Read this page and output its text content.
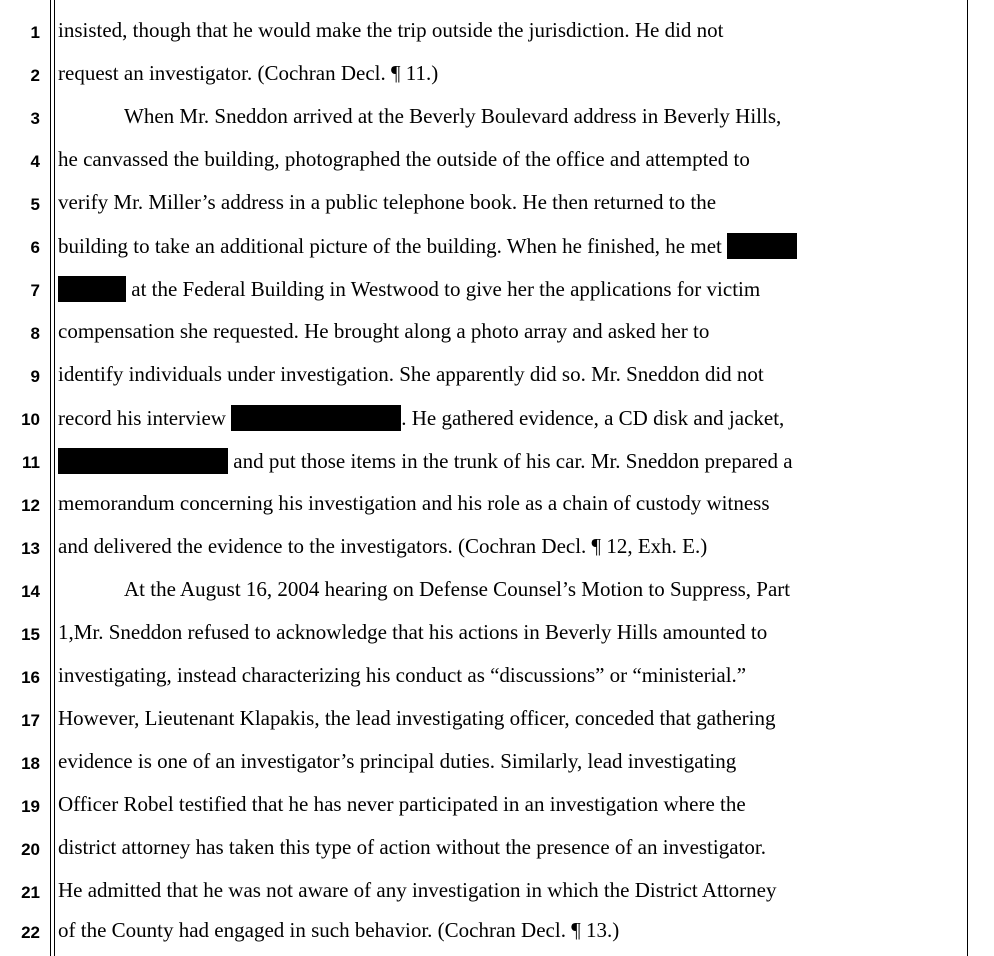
1 insisted, though that he would make the trip outside the jurisdiction. He did not
2 request an investigator. (Cochran Decl. ¶ 11.)
3	When Mr. Sneddon arrived at the Beverly Boulevard address in Beverly Hills,
4 he canvassed the building, photographed the outside of the office and attempted to
5 verify Mr. Miller’s address in a public telephone book. He then returned to the
6 building to take an additional picture of the building. When he finished, he met
7	at the Federal Building in Westwood to give her the applications for victim
8 compensation she requested. He brought along a photo array and asked her to
9 identify individuals under investigation. She apparently did so. Mr. Sneddon did not
10 record his interview	. He gathered evidence, a CD disk and jacket,
11	and put those items in the trunk of his car. Mr. Sneddon prepared a
12 memorandum concerning his investigation and his role as a chain of custody witness
13 and delivered the evidence to the investigators. (Cochran Decl. ¶ 12, Exh. E.)
14	At the August 16, 2004 hearing on Defense Counsel’s Motion to Suppress, Part
15 1,Mr. Sneddon refused to acknowledge that his actions in Beverly Hills amounted to
16 investigating, instead characterizing his conduct as “discussions” or “ministerial.”
17 However, Lieutenant Klapakis, the lead investigating officer, conceded that gathering
18 evidence is one of an investigator’s principal duties. Similarly, lead investigating
19 Officer Robel testified that he has never participated in an investigation where the
20 district attorney has taken this type of action without the presence of an investigator.
21 He admitted that he was not aware of any investigation in which the District Attorney
22 of the County had engaged in such behavior. (Cochran Decl. ¶ 13.)
